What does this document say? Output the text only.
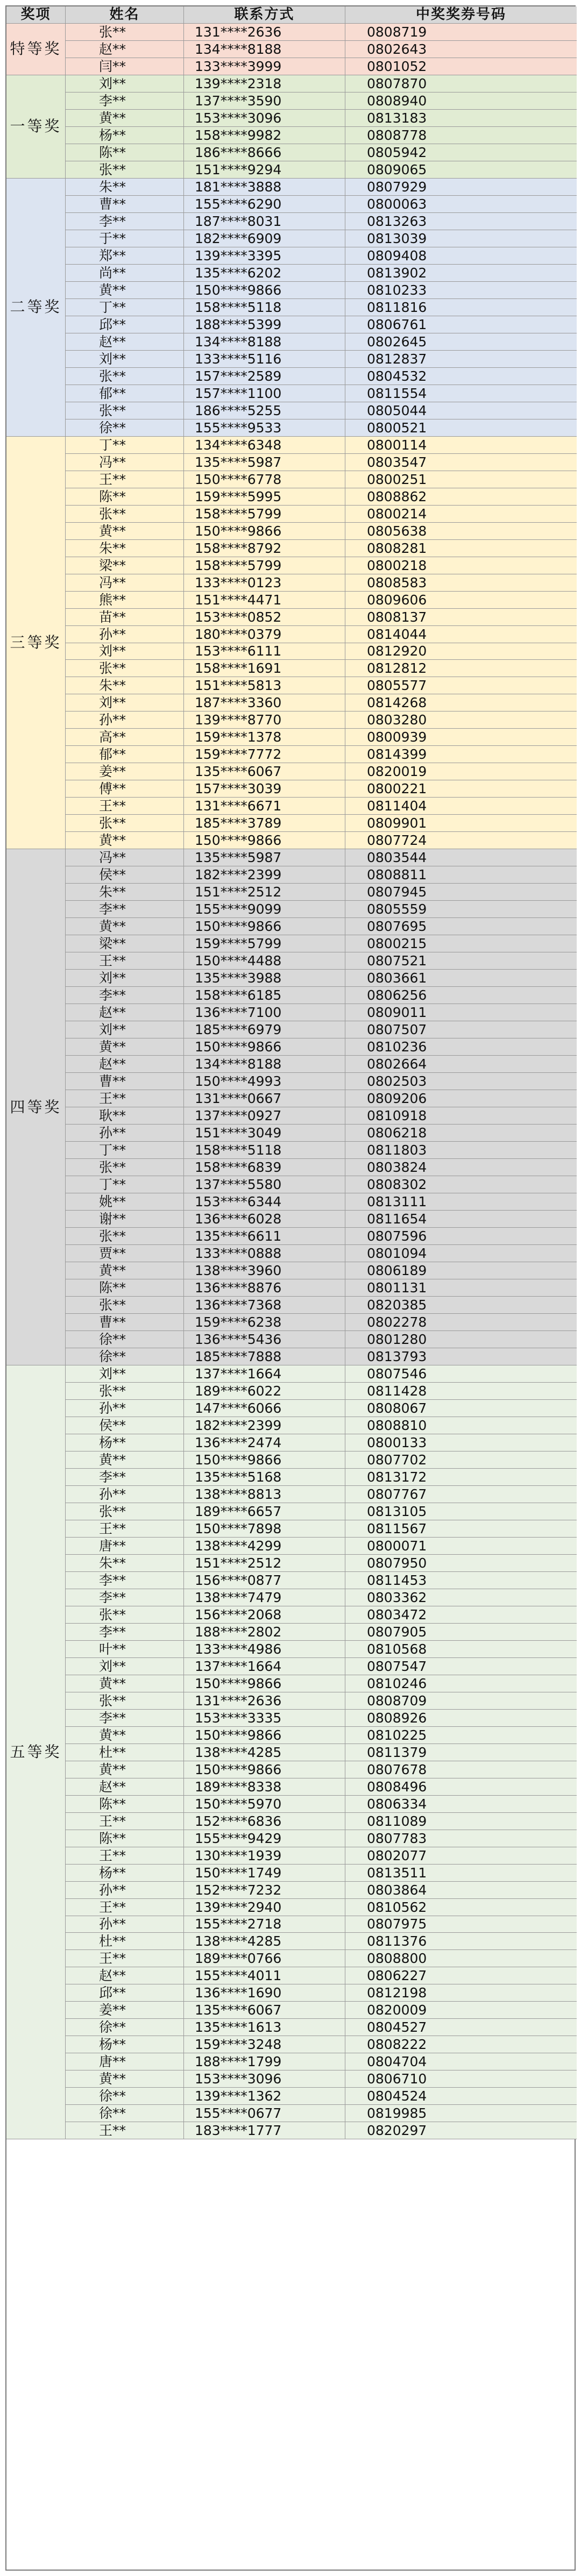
奖项	姓名	联系方式	中奖奖券号码
特等奖
张**	131****2636	0808719
赵**	134****8188	0802643
闫**	133****3999	0801052
一等奖
刘**	139****2318	0807870
李**	137****3590	0808940
黄**	153****3096	0813183
杨**	158****9982	0808778
陈**	186****8666	0805942
张**	151****9294	0809065
二等奖
朱**	181****3888	0807929
曹**	155****6290	0800063
李**	187****8031	0813263
于**	182****6909	0813039
郑**	139****3395	0809408
尚**	135****6202	0813902
黄**	150****9866	0810233
丁**	158****5118	0811816
邱**	188****5399	0806761
赵**	134****8188	0802645
刘**	133****5116	0812837
张**	157****2589	0804532
郁**	157****1100	0811554
张**	186****5255	0805044
徐**	155****9533	0800521
三等奖
丁**	134****6348	0800114
冯**	135****5987	0803547
王**	150****6778	0800251
陈**	159****5995	0808862
张**	158****5799	0800214
黄**	150****9866	0805638
朱**	158****8792	0808281
梁**	158****5799	0800218
冯**	133****0123	0808583
熊**	151****4471	0809606
苗**	153****0852	0808137
孙**	180****0379	0814044
刘**	153****6111	0812920
张**	158****1691	0812812
朱**	151****5813	0805577
刘**	187****3360	0814268
孙**	139****8770	0803280
高**	159****1378	0800939
郁**	159****7772	0814399
姜**	135****6067	0820019
傅**	157****3039	0800221
王**	131****6671	0811404
张**	185****3789	0809901
黄**	150****9866	0807724
四等奖
冯**	135****5987	0803544
侯**	182****2399	0808811
朱**	151****2512	0807945
李**	155****9099	0805559
黄**	150****9866	0807695
梁**	159****5799	0800215
王**	150****4488	0807521
刘**	135****3988	0803661
李**	158****6185	0806256
赵**	136****7100	0809011
刘**	185****6979	0807507
黄**	150****9866	0810236
赵**	134****8188	0802664
曹**	150****4993	0802503
王**	131****0667	0809206
耿**	137****0927	0810918
孙**	151****3049	0806218
丁**	158****5118	0811803
张**	158****6839	0803824
丁**	137****5580	0808302
姚**	153****6344	0813111
谢**	136****6028	0811654
张**	135****6611	0807596
贾**	133****0888	0801094
黄**	138****3960	0806189
陈**	136****8876	0801131
张**	136****7368	0820385
曹**	159****6238	0802278
徐**	136****5436	0801280
徐**	185****7888	0813793
五等奖
刘**	137****1664	0807546
张**	189****6022	0811428
孙**	147****6066	0808067
侯**	182****2399	0808810
杨**	136****2474	0800133
黄**	150****9866	0807702
李**	135****5168	0813172
孙**	138****8813	0807767
张**	189****6657	0813105
王**	150****7898	0811567
唐**	138****4299	0800071
朱**	151****2512	0807950
李**	156****0877	0811453
李**	138****7479	0803362
张**	156****2068	0803472
李**	188****2802	0807905
叶**	133****4986	0810568
刘**	137****1664	0807547
黄**	150****9866	0810246
张**	131****2636	0808709
李**	153****3335	0808926
黄**	150****9866	0810225
杜**	138****4285	0811379
黄**	150****9866	0807678
赵**	189****8338	0808496
陈**	150****5970	0806334
王**	152****6836	0811089
陈**	155****9429	0807783
王**	130****1939	0802077
杨**	150****1749	0813511
孙**	152****7232	0803864
王**	139****2940	0810562
孙**	155****2718	0807975
杜**	138****4285	0811376
王**	189****0766	0808800
赵**	155****4011	0806227
邱**	136****1690	0812198
姜**	135****6067	0820009
徐**	135****1613	0804527
杨**	159****3248	0808222
唐**	188****1799	0804704
黄**	153****3096	0806710
徐**	139****1362	0804524
徐**	155****0677	0819985
王**	183****1777	0820297
